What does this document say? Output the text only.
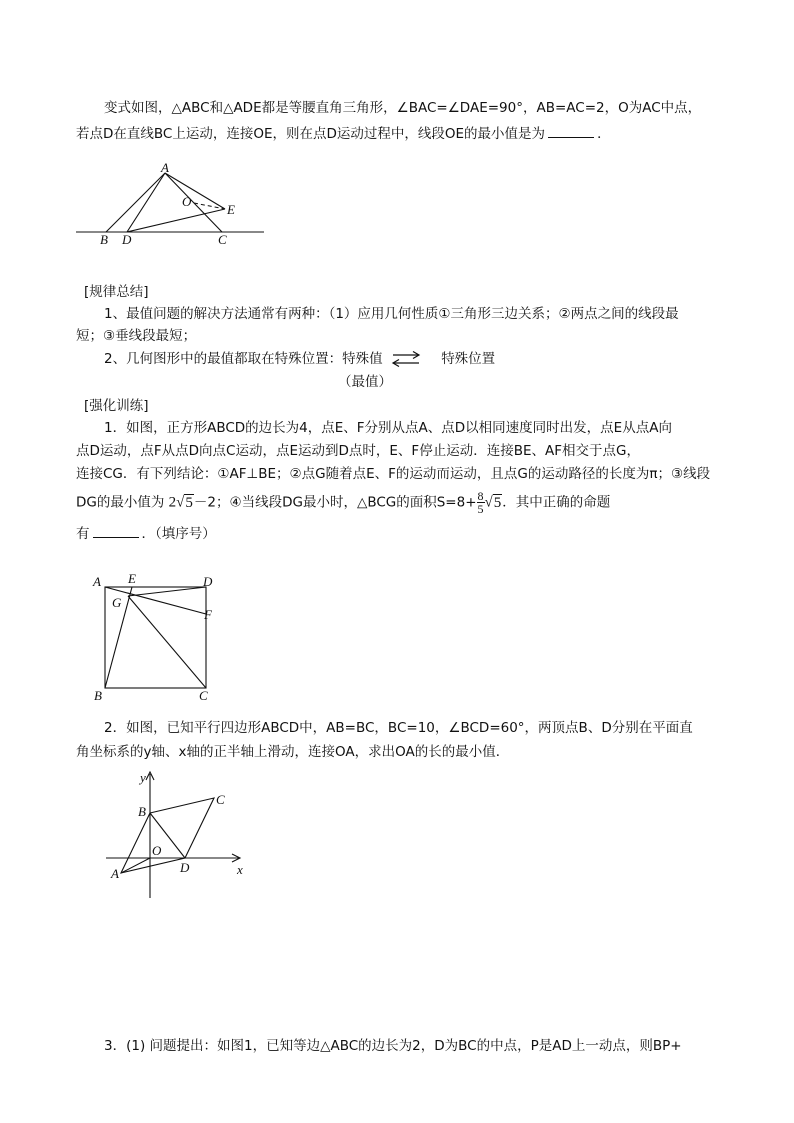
变式如图，△ABC和△ADE都是等腰直角三角形，∠BAC=∠DAE=90°，AB=AC=2，O为AC中点，
若点D在直线BC上运动，连接OE，则在点D运动过程中，线段OE的最小值是为	．
A
O
E
B D	C
[规律总结]
1、最值问题的解决方法通常有两种：（1）应用几何性质①三角形三边关系；②两点之间的线段最
短；③垂线段最短；
2、几何图形中的最值都取在特殊位置：特殊值	特殊位置
（最值）
[强化训练]
1．如图，正方形ABCD的边长为4，点E、F分别从点A、点D以相同速度同时出发，点E从点A向
点D运动，点F从点D向点C运动，点E运动到D点时，E、F停止运动．连接BE、AF相交于点G，
连接CG．有下列结论：①AF⊥BE；②点G随着点E、F的运动而运动，且点G的运动路径的长度为π；③线段
DG的最小值为 2√5－2；④当线段DG最小时，△BCG的面积$S=8+ \frac{8}{5} √5$．其中正确的命题
有	．（填序号）
A E	D
G
F
B	C
2．如图，已知平行四边形ABCD中，AB=BC，BC=10，∠BCD=60°，两顶点B、D分别在平面直
角坐标系的y轴、x轴的正半轴上滑动，连接OA，求出OA的长的最小值．
y
x
B
C
O
A	D
3．(1) 问题提出：如图1，已知等边△ABC的边长为2，D为BC的中点，P是AD上一动点，则BP+
